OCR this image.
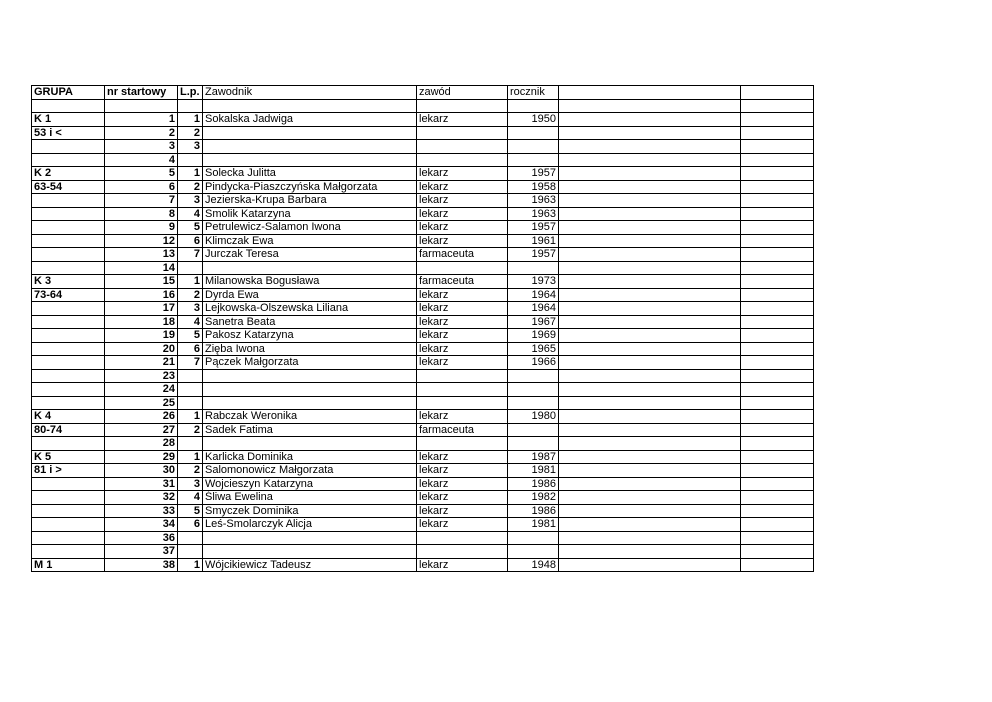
GRUPA	nr startowy	L.p.	Zawodnik	zawód	rocznik		

K 1	1	1	Sokalska Jadwiga	lekarz	1950		
53 i <	2	2					
	3	3					
	4						
K 2	5	1	Solecka Julitta	lekarz	1957		
63-54	6	2	Pindycka-Piaszczyńska Małgorzata	lekarz	1958		
	7	3	Jezierska-Krupa Barbara	lekarz	1963		
	8	4	Smolik Katarzyna	lekarz	1963		
	9	5	Petrulewicz-Salamon Iwona	lekarz	1957		
	12	6	Klimczak Ewa	lekarz	1961		
	13	7	Jurczak Teresa	farmaceuta	1957		
	14						
K 3	15	1	Milanowska Bogusława	farmaceuta	1973		
73-64	16	2	Dyrda Ewa	lekarz	1964		
	17	3	Lejkowska-Olszewska Liliana	lekarz	1964		
	18	4	Sanetra Beata	lekarz	1967		
	19	5	Pakosz Katarzyna	lekarz	1969		
	20	6	Zięba Iwona	lekarz	1965		
	21	7	Pączek Małgorzata	lekarz	1966		
	23						
	24						
	25						
K 4	26	1	Rabczak Weronika	lekarz	1980		
80-74	27	2	Sadek Fatima	farmaceuta			
	28						
K 5	29	1	Karlicka Dominika	lekarz	1987		
81 i >	30	2	Salomonowicz Małgorzata	lekarz	1981		
	31	3	Wojcieszyn Katarzyna	lekarz	1986		
	32	4	Śliwa Ewelina	lekarz	1982		
	33	5	Smyczek Dominika	lekarz	1986		
	34	6	Leś-Smolarczyk Alicja	lekarz	1981		
	36						
	37						
M 1	38	1	Wójcikiewicz Tadeusz	lekarz	1948		
